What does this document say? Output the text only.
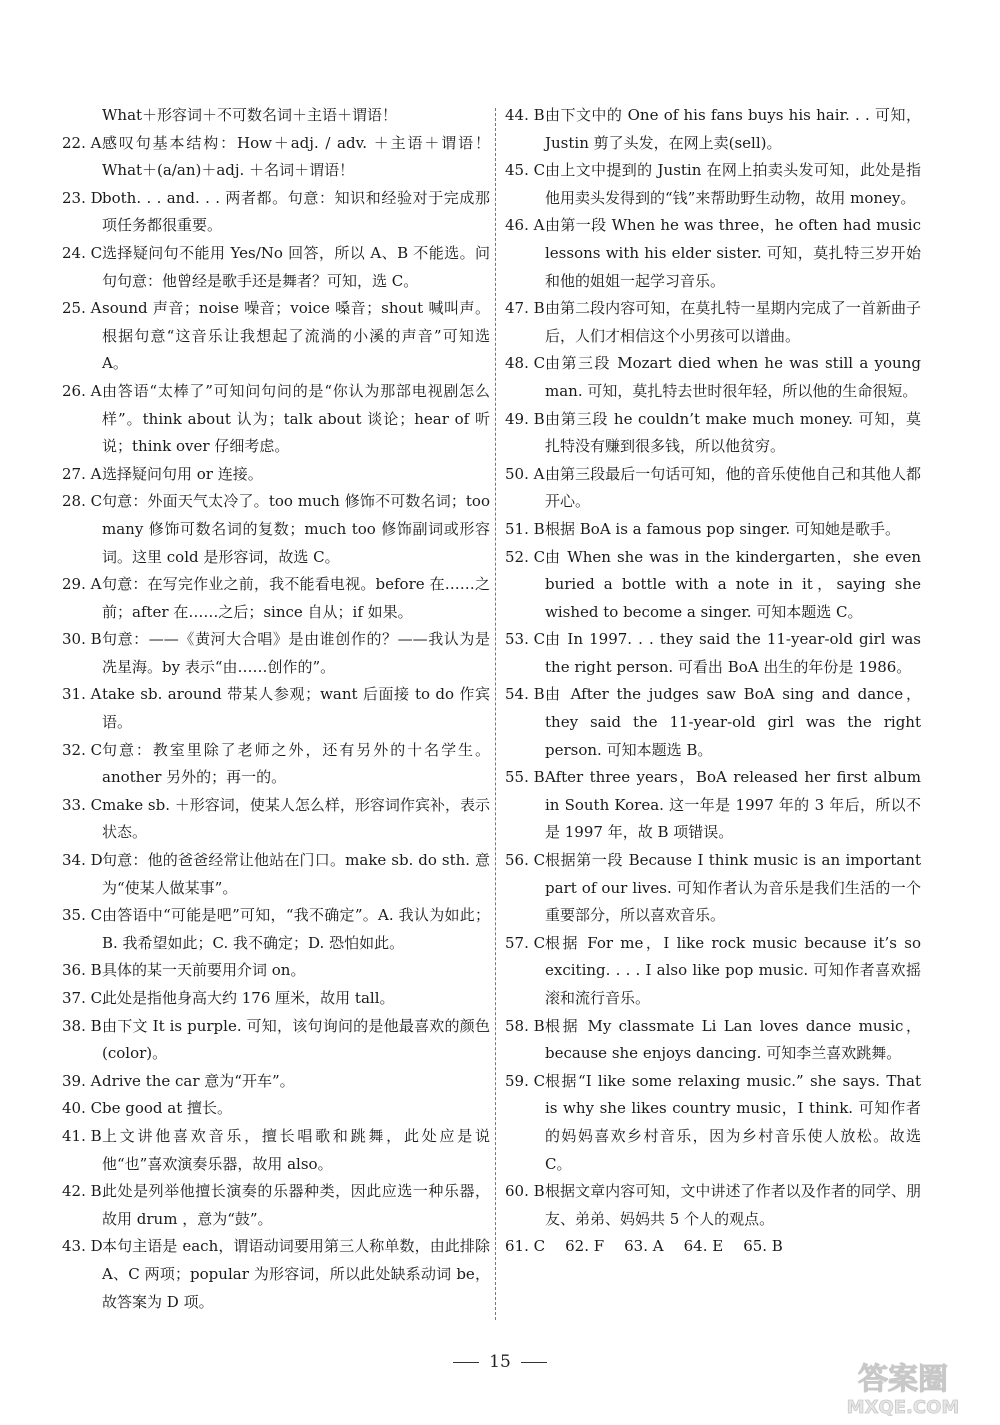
What＋形容词＋不可数名词＋主语＋谓语！
22. A 感叹句基本结构：How＋adj. / adv. ＋主语＋谓语！What＋(a/an)＋adj. ＋名词＋谓语！
23. D both. . . and. . . 两者都。句意：知识和经验对于完成那项任务都很重要。
24. C 选择疑问句不能用 Yes/No 回答，所以 A、B 不能选。问句句意：他曾经是歌手还是舞者？可知，选 C。
25. A sound 声音；noise 噪音；voice 嗓音；shout 喊叫声。根据句意“这音乐让我想起了流淌的小溪的声音”可知选 A。
26. A 由答语“太棒了”可知问句问的是“你认为那部电视剧怎么样”。think about 认为；talk about 谈论；hear of 听说；think over 仔细考虑。
27. A 选择疑问句用 or 连接。
28. C 句意：外面天气太冷了。too much 修饰不可数名词；too many 修饰可数名词的复数；much too 修饰副词或形容词。这里 cold 是形容词，故选 C。
29. A 句意：在写完作业之前，我不能看电视。before 在……之前；after 在……之后；since 自从；if 如果。
30. B 句意：——《黄河大合唱》是由谁创作的？——我认为是冼星海。by 表示“由……创作的”。
31. A take sb. around 带某人参观；want 后面接 to do 作宾语。
32. C 句意：教室里除了老师之外，还有另外的十名学生。another 另外的；再一的。
33. C make sb. ＋形容词，使某人怎么样，形容词作宾补，表示状态。
34. D 句意：他的爸爸经常让他站在门口。make sb. do sth. 意为“使某人做某事”。
35. C 由答语中“可能是吧”可知，“我不确定”。A. 我认为如此；B. 我希望如此；C. 我不确定；D. 恐怕如此。
36. B 具体的某一天前要用介词 on。
37. C 此处是指他身高大约 176 厘米，故用 tall。
38. B 由下文 It is purple. 可知，该句询问的是他最喜欢的颜色(color)。
39. A drive the car 意为“开车”。
40. C be good at 擅长。
41. B 上文讲他喜欢音乐，擅长唱歌和跳舞，此处应是说他“也”喜欢演奏乐器，故用 also。
42. B 此处是列举他擅长演奏的乐器种类，因此应选一种乐器，故用 drum ，意为“鼓”。
43. D 本句主语是 each，谓语动词要用第三人称单数，由此排除 A、C 两项；popular 为形容词，所以此处缺系动词 be，故答案为 D 项。
44. B 由下文中的 One of his fans buys his hair. . . 可知，Justin 剪了头发，在网上卖(sell)。
45. C 由上文中提到的 Justin 在网上拍卖头发可知，此处是指他用卖头发得到的“钱”来帮助野生动物，故用 money。
46. A 由第一段 When he was three，he often had music lessons with his elder sister. 可知，莫扎特三岁开始和他的姐姐一起学习音乐。
47. B 由第二段内容可知，在莫扎特一星期内完成了一首新曲子后，人们才相信这个小男孩可以谱曲。
48. C 由第三段 Mozart died when he was still a young man. 可知，莫扎特去世时很年轻，所以他的生命很短。
49. B 由第三段 he couldn’t make much money. 可知，莫扎特没有赚到很多钱，所以他贫穷。
50. A 由第三段最后一句话可知，他的音乐使他自己和其他人都开心。
51. B 根据 BoA is a famous pop singer. 可知她是歌手。
52. C 由 When she was in the kindergarten，she even buried a bottle with a note in it，saying she wished to become a singer. 可知本题选 C。
53. C 由 In 1997. . . they said the 11-year-old girl was the right person. 可看出 BoA 出生的年份是 1986。
54. B 由 After the judges saw BoA sing and dance，they said the 11-year-old girl was the right person. 可知本题选 B。
55. B After three years，BoA released her first album in South Korea. 这一年是 1997 年的 3 年后，所以不是 1997 年，故 B 项错误。
56. C 根据第一段 Because I think music is an important part of our lives. 可知作者认为音乐是我们生活的一个重要部分，所以喜欢音乐。
57. C 根据 For me，I like rock music because it’s so exciting. . . . I also like pop music. 可知作者喜欢摇滚和流行音乐。
58. B 根据 My classmate Li Lan loves dance music，because she enjoys dancing. 可知李兰喜欢跳舞。
59. C 根据“I like some relaxing music.” she says. That is why she likes country music，I think. 可知作者的妈妈喜欢乡村音乐，因为乡村音乐使人放松。故选 C。
60. B 根据文章内容可知，文中讲述了作者以及作者的同学、朋友、弟弟、妈妈共 5 个人的观点。
61. C 62. F 63. A 64. E 65. B
15	答案圈
MXQE.COM
